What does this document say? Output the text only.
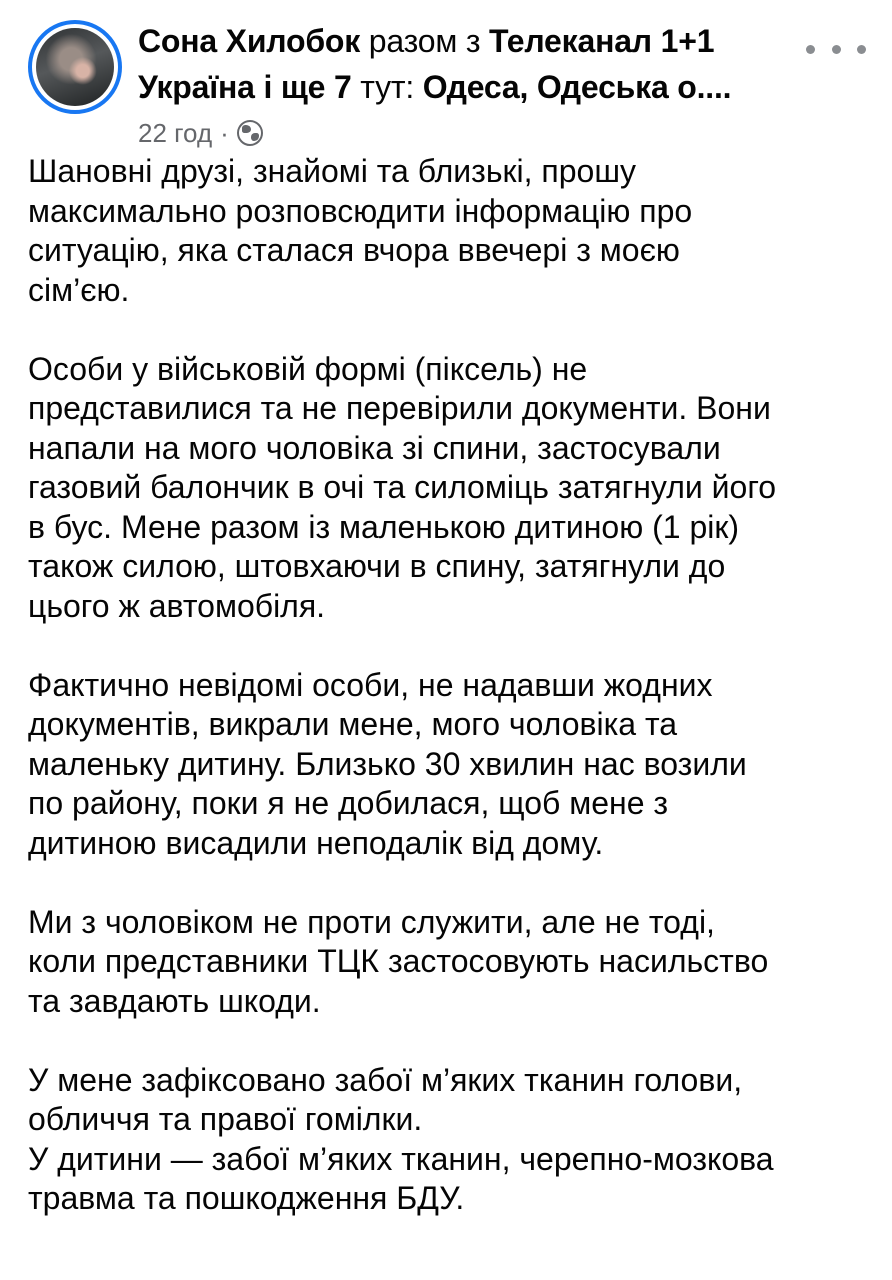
Сона Хилобок разом з Телеканал 1+1
Україна і ще 7 тут: Одеса, Одеська о....
22 год ·

Шановні друзі, знайомі та близькі, прошу
максимально розповсюдити інформацію про
ситуацію, яка сталася вчора ввечері з моєю
сім’єю.

Особи у військовій формі (піксель) не
представилися та не перевірили документи. Вони
напали на мого чоловіка зі спини, застосували
газовий балончик в очі та силоміць затягнули його
в бус. Мене разом із маленькою дитиною (1 рік)
також силою, штовхаючи в спину, затягнули до
цього ж автомобіля.

Фактично невідомі особи, не надавши жодних
документів, викрали мене, мого чоловіка та
маленьку дитину. Близько 30 хвилин нас возили
по району, поки я не добилася, щоб мене з
дитиною висадили неподалік від дому.

Ми з чоловіком не проти служити, але не тоді,
коли представники ТЦК застосовують насильство
та завдають шкоди.

У мене зафіксовано забої м’яких тканин голови,
обличчя та правої гомілки.
У дитини — забої м’яких тканин, черепно-мозкова
травма та пошкодження БДУ.
